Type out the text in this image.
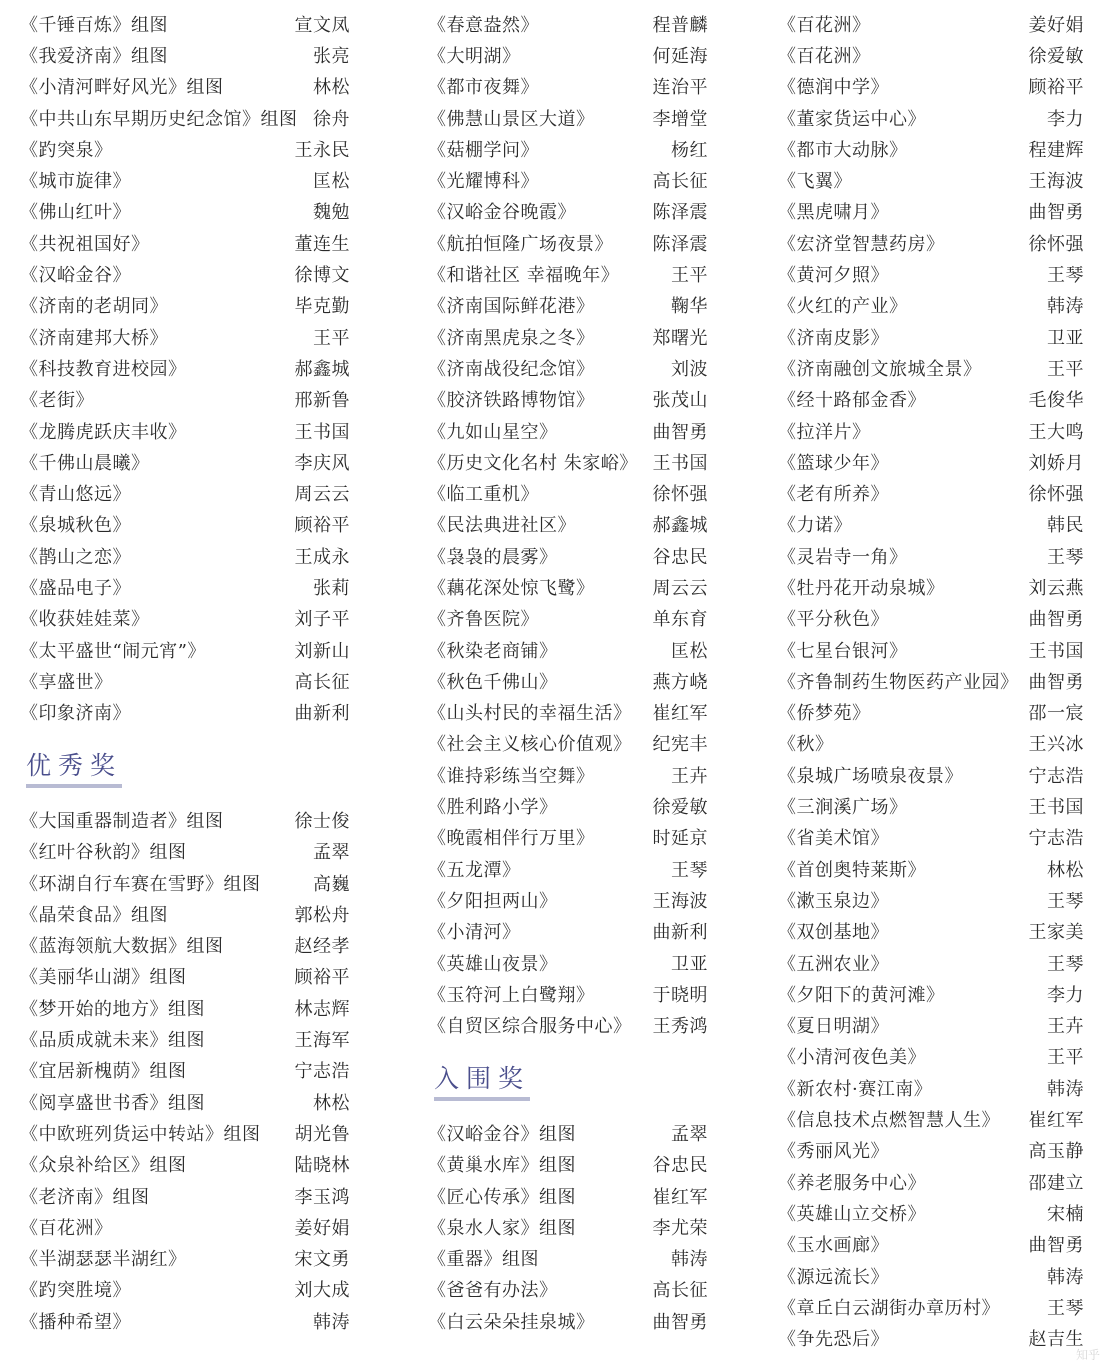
《千锤百炼》组图	宣文凤
《我爱济南》组图	张亮
《小清河畔好风光》组图	林松
《中共山东早期历史纪念馆》组图 徐舟
《趵突泉》	王永民
《城市旋律》	匡松
《佛山红叶》	魏勉
《共祝祖国好》	董连生
《汉峪金谷》	徐博文
《济南的老胡同》	毕克勤
《济南建邦大桥》	王平
《科技教育进校园》	郝鑫城
《老街》	邢新鲁
《龙腾虎跃庆丰收》	王书国
《千佛山晨曦》	李庆风
《青山悠远》	周云云
《泉城秋色》	顾裕平
《鹊山之恋》	王成永
《盛品电子》	张莉
《收获娃娃菜》	刘子平
《太平盛世“闹元宵”》	刘新山
《享盛世》	高长征
《印象济南》	曲新利
优秀奖
《大国重器制造者》组图	徐士俊
《红叶谷秋韵》组图	孟翠
《环湖自行车赛在雪野》组图	高巍
《晶荣食品》组图	郭松舟
《蓝海领航大数据》组图	赵经孝
《美丽华山湖》组图	顾裕平
《梦开始的地方》组图	林志辉
《品质成就未来》组图	王海军
《宜居新槐荫》组图	宁志浩
《阅享盛世书香》组图	林松
《中欧班列货运中转站》组图 胡光鲁
《众泉补给区》组图	陆晓林
《老济南》组图	李玉鸿
《百花洲》	姜好娟
《半湖瑟瑟半湖红》	宋文勇
《趵突胜境》	刘大成
《播种希望》	韩涛
《春意盎然》	程普麟
《大明湖》	何延海
《都市夜舞》	连治平
《佛慧山景区大道》	李增堂
《菇棚学问》	杨红
《光耀博科》	高长征
《汉峪金谷晚霞》	陈泽震
《航拍恒隆广场夜景》 陈泽震
《和谐社区 幸福晚年》	王平
《济南国际鲜花港》	鞠华
《济南黑虎泉之冬》	郑曙光
《济南战役纪念馆》	刘波
《胶济铁路博物馆》	张茂山
《九如山星空》	曲智勇
《历史文化名村 朱家峪》 王书国
《临工重机》	徐怀强
《民法典进社区》	郝鑫城
《袅袅的晨雾》	谷忠民
《藕花深处惊飞鹭》	周云云
《齐鲁医院》	单东育
《秋染老商铺》	匡松
《秋色千佛山》	燕方峣
《山头村民的幸福生活》 崔红军
《社会主义核心价值观》 纪宪丰
《谁持彩练当空舞》	王卉
《胜利路小学》	徐爱敏
《晚霞相伴行万里》	时延京
《五龙潭》	王琴
《夕阳担两山》	王海波
《小清河》	曲新利
《英雄山夜景》	卫亚
《玉符河上白鹭翔》	于晓明
《自贸区综合服务中心》 王秀鸿
入围奖
《汉峪金谷》组图	孟翠
《黄巢水库》组图	谷忠民
《匠心传承》组图	崔红军
《泉水人家》组图	李尤荣
《重器》组图	韩涛
《爸爸有办法》	高长征
《白云朵朵挂泉城》	曲智勇
《百花洲》	姜好娟
《百花洲》	徐爱敏
《德润中学》	顾裕平
《董家货运中心》	李力
《都市大动脉》	程建辉
《飞翼》	王海波
《黑虎啸月》	曲智勇
《宏济堂智慧药房》	徐怀强
《黄河夕照》	王琴
《火红的产业》	韩涛
《济南皮影》	卫亚
《济南融创文旅城全景》	王平
《经十路郁金香》	毛俊华
《拉洋片》	王大鸣
《篮球少年》	刘娇月
《老有所养》	徐怀强
《力诺》	韩民
《灵岩寺一角》	王琴
《牡丹花开动泉城》	刘云燕
《平分秋色》	曲智勇
《七星台银河》	王书国
《齐鲁制药生物医药产业园》 曲智勇
《侨梦苑》	邵一宸
《秋》	王兴冰
《泉城广场喷泉夜景》	宁志浩
《三涧溪广场》	王书国
《省美术馆》	宁志浩
《首创奥特莱斯》	林松
《漱玉泉边》	王琴
《双创基地》	王家美
《五洲农业》	王琴
《夕阳下的黄河滩》	李力
《夏日明湖》	王卉
《小清河夜色美》	王平
《新农村·赛江南》	韩涛
《信息技术点燃智慧人生》 崔红军
《秀丽风光》	高玉静
《养老服务中心》	邵建立
《英雄山立交桥》	宋楠
《玉水画廊》	曲智勇
《源远流长》	韩涛
《章丘白云湖街办章历村》	王琴
《争先恐后》	赵吉生
知乎
